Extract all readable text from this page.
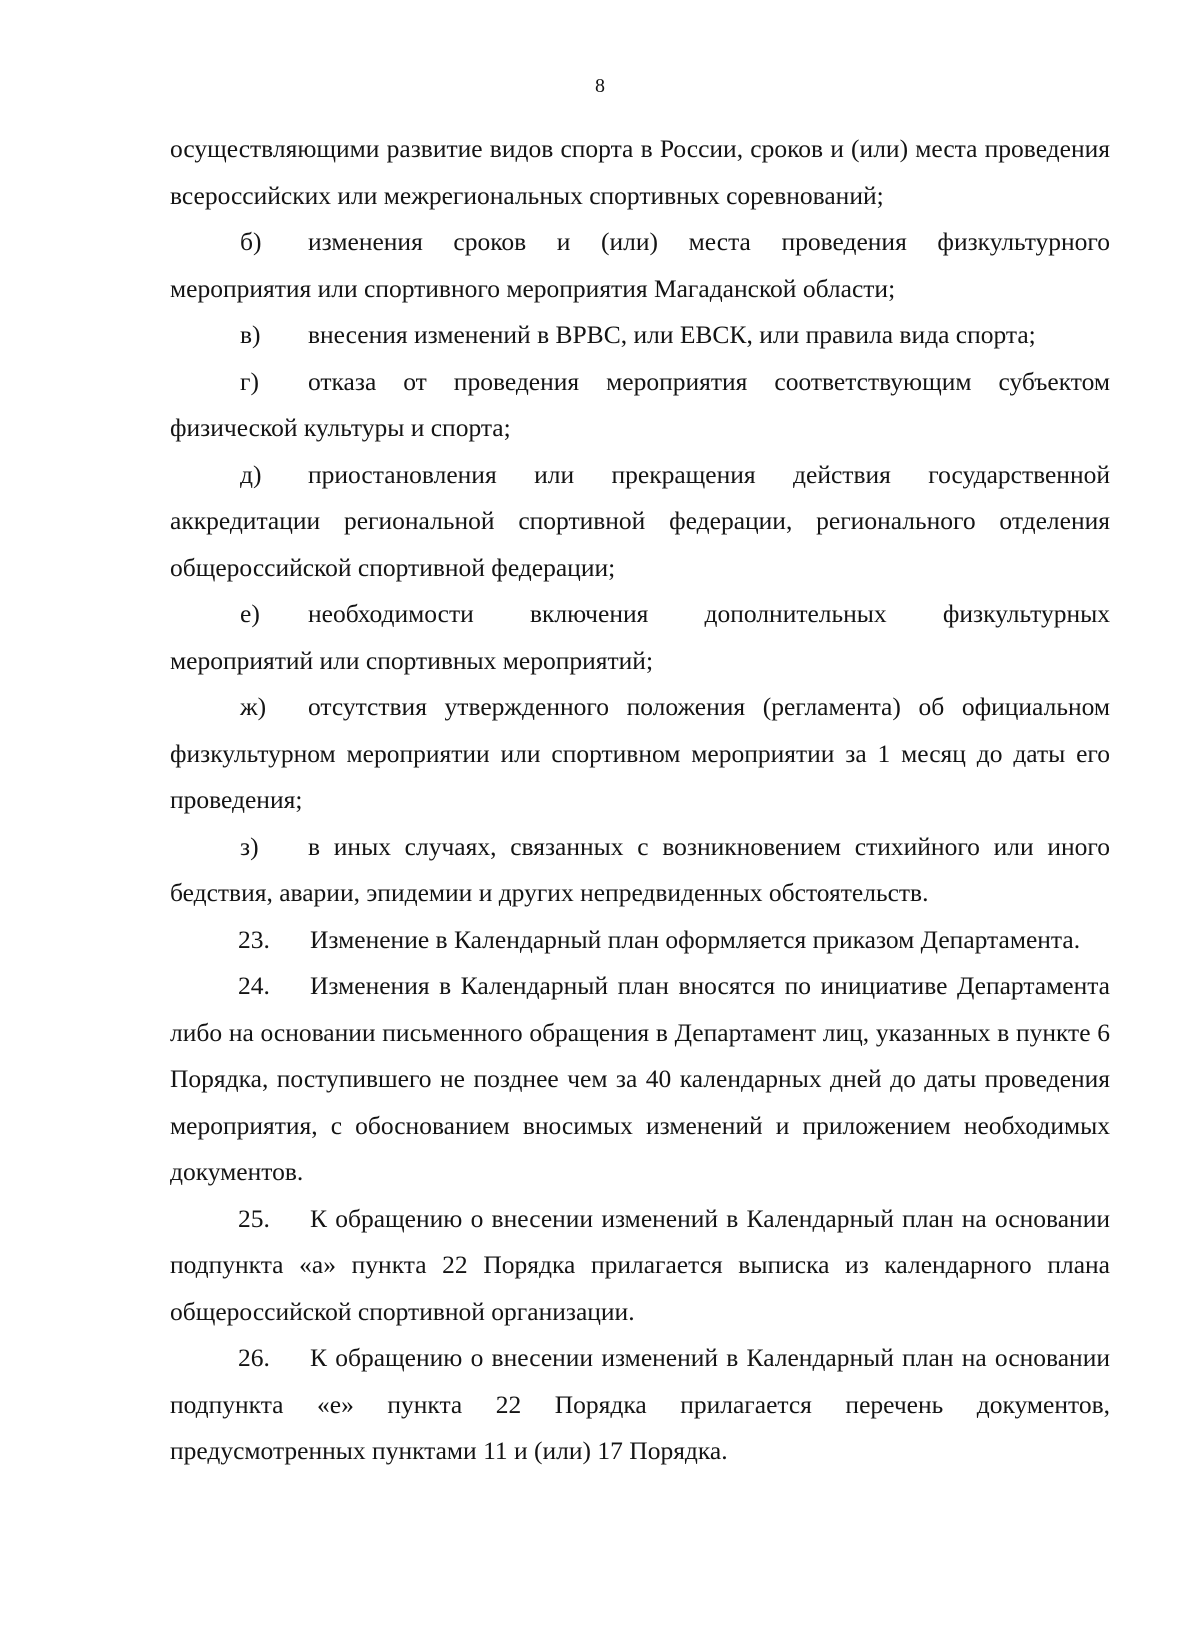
8

осуществляющими развитие видов спорта в России, сроков и (или) места проведения всероссийских или межрегиональных спортивных соревнований;

б) изменения сроков и (или) места проведения физкультурного мероприятия или спортивного мероприятия Магаданской области;

в) внесения изменений в ВРВС, или ЕВСК, или правила вида спорта;

г) отказа от проведения мероприятия соответствующим субъектом физической культуры и спорта;

д) приостановления или прекращения действия государственной аккредитации региональной спортивной федерации, регионального отделения общероссийской спортивной федерации;

е) необходимости включения дополнительных физкультурных мероприятий или спортивных мероприятий;

ж) отсутствия утвержденного положения (регламента) об официальном физкультурном мероприятии или спортивном мероприятии за 1 месяц до даты его проведения;

з) в иных случаях, связанных с возникновением стихийного или иного бедствия, аварии, эпидемии и других непредвиденных обстоятельств.

23. Изменение в Календарный план оформляется приказом Департамента.

24. Изменения в Календарный план вносятся по инициативе Департамента либо на основании письменного обращения в Департамент лиц, указанных в пункте 6 Порядка, поступившего не позднее чем за 40 календарных дней до даты проведения мероприятия, с обоснованием вносимых изменений и приложением необходимых документов.

25. К обращению о внесении изменений в Календарный план на основании подпункта «а» пункта 22 Порядка прилагается выписка из календарного плана общероссийской спортивной организации.

26. К обращению о внесении изменений в Календарный план на основании подпункта «е» пункта 22 Порядка прилагается перечень документов, предусмотренных пунктами 11 и (или) 17 Порядка.
